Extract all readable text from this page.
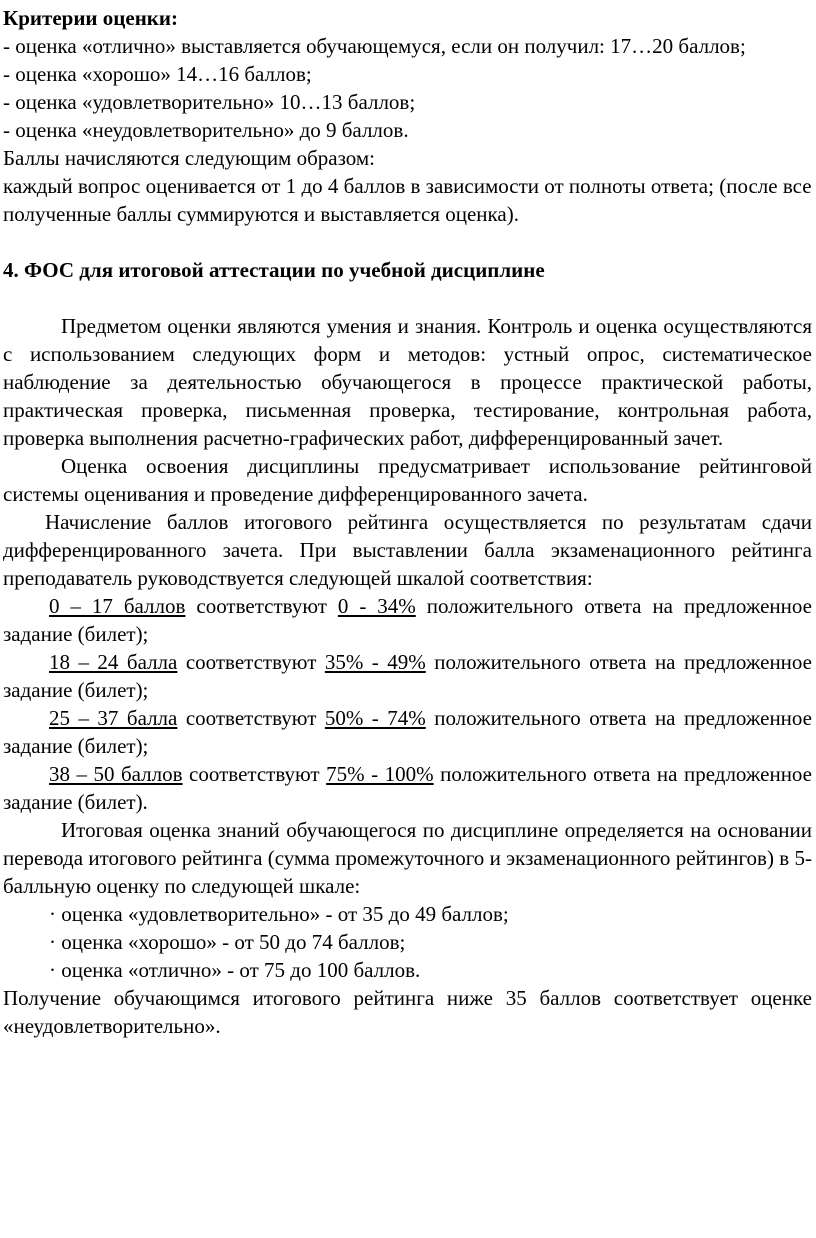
Критерии оценки:

- оценка «отлично» выставляется обучающемуся, если он получил: 17…20 баллов;

- оценка «хорошо» 14…16 баллов;

- оценка «удовлетворительно» 10…13 баллов;

- оценка «неудовлетворительно» до 9 баллов.

Баллы начисляются следующим образом:

каждый вопрос оценивается от 1 до 4 баллов в зависимости от полноты ответа; (после все полученные баллы суммируются и выставляется оценка).

4. ФОС для итоговой аттестации по учебной дисциплине

Предметом оценки являются умения и знания. Контроль и оценка осуществляются с использованием следующих форм и методов: устный опрос, систематическое наблюдение за деятельностью обучающегося в процессе практической работы, практическая проверка, письменная проверка, тестирование, контрольная работа, проверка выполнения расчетно-графических работ, дифференцированный зачет.

Оценка освоения дисциплины предусматривает использование рейтинговой системы оценивания и проведение дифференцированного зачета.

Начисление баллов итогового рейтинга осуществляется по результатам сдачи дифференцированного зачета. При выставлении балла экзаменационного рейтинга преподаватель руководствуется следующей шкалой соответствия:

0 – 17 баллов соответствуют 0 - 34% положительного ответа на предложенное задание (билет);

18 – 24 балла соответствуют 35% - 49% положительного ответа на предложенное задание (билет);

25 – 37 балла соответствуют 50% - 74% положительного ответа на предложенное задание (билет);

38 – 50 баллов соответствуют 75% - 100% положительного ответа на предложенное задание (билет).

Итоговая оценка знаний обучающегося по дисциплине определяется на основании перевода итогового рейтинга (сумма промежуточного и экзаменационного рейтингов) в 5-балльную оценку по следующей шкале:

· оценка «удовлетворительно» - от 35 до 49 баллов;

· оценка «хорошо» - от 50 до 74 баллов;

· оценка «отлично» - от 75 до 100 баллов.

Получение обучающимся итогового рейтинга ниже 35 баллов соответствует оценке «неудовлетворительно».
